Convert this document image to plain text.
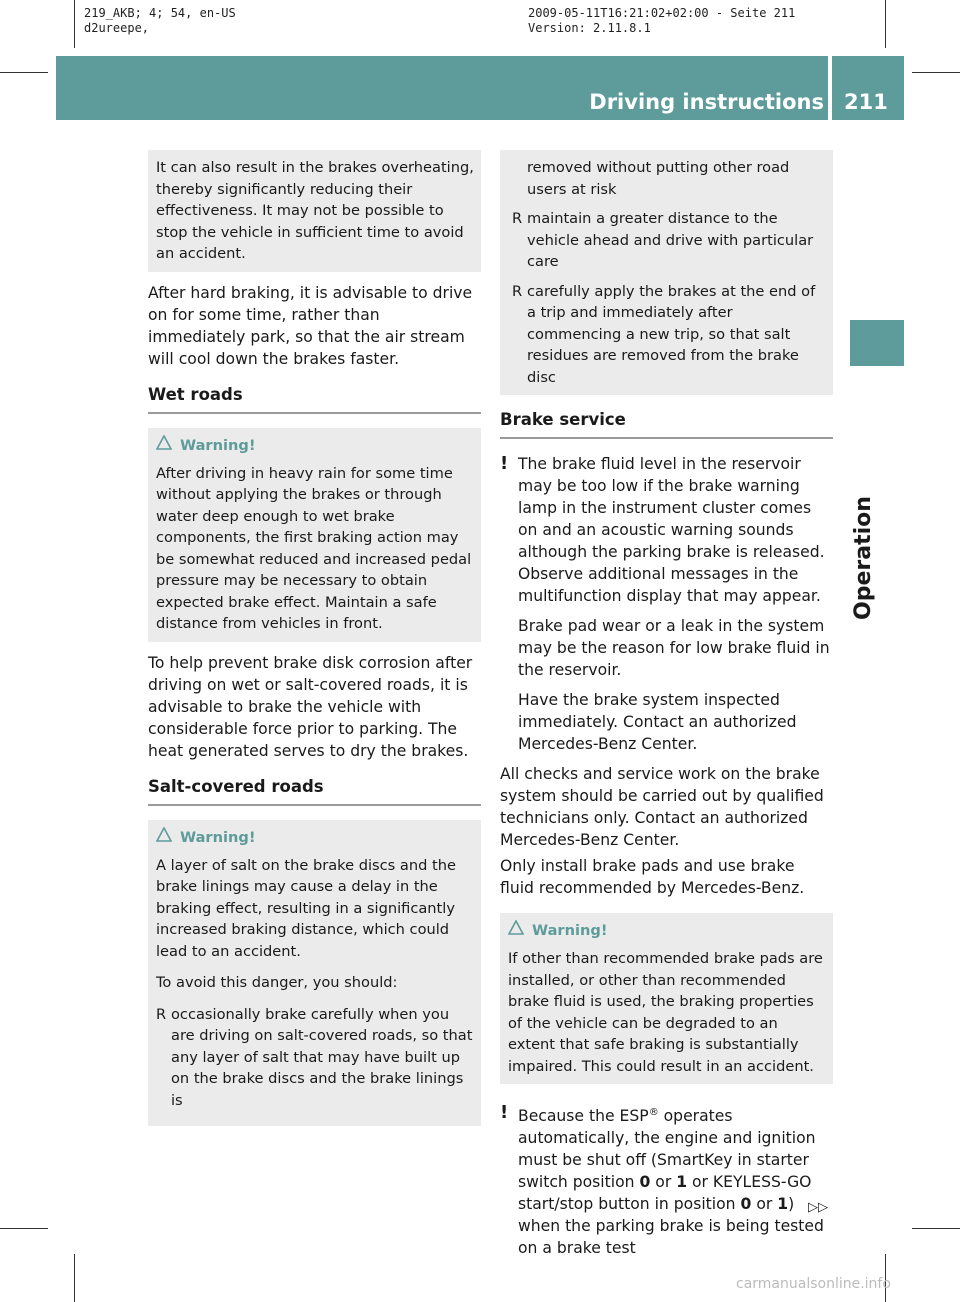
219_AKB; 4; 54, en-US
d2ureepe,
2009-05-11T16:21:02+02:00 - Seite 211
Version: 2.11.8.1
Driving instructions 211
Operation

It can also result in the brakes overheating, thereby significantly reducing their effectiveness. It may not be possible to stop the vehicle in sufficient time to avoid an accident.

After hard braking, it is advisable to drive on for some time, rather than immediately park, so that the air stream will cool down the brakes faster.

Wet roads
Warning!

After driving in heavy rain for some time without applying the brakes or through water deep enough to wet brake components, the first braking action may be somewhat reduced and increased pedal pressure may be necessary to obtain expected brake effect. Maintain a safe distance from vehicles in front.

To help prevent brake disk corrosion after driving on wet or salt-covered roads, it is advisable to brake the vehicle with considerable force prior to parking. The heat generated serves to dry the brakes.

Salt-covered roads
Warning!

A layer of salt on the brake discs and the brake linings may cause a delay in the braking effect, resulting in a significantly increased braking distance, which could lead to an accident.

To avoid this danger, you should:

R occasionally brake carefully when you are driving on salt-covered roads, so that any layer of salt that may have built up on the brake discs and the brake linings is
removed without putting other road users at risk
R maintain a greater distance to the vehicle ahead and drive with particular care
R carefully apply the brakes at the end of a trip and immediately after commencing a new trip, so that salt residues are removed from the brake disc
Brake service
! The brake fluid level in the reservoir may be too low if the brake warning lamp in the instrument cluster comes on and an acoustic warning sounds although the parking brake is released. Observe additional messages in the multifunction display that may appear.

Brake pad wear or a leak in the system may be the reason for low brake fluid in the reservoir.

Have the brake system inspected immediately. Contact an authorized Mercedes-Benz Center.

All checks and service work on the brake system should be carried out by qualified technicians only. Contact an authorized Mercedes-Benz Center.

Only install brake pads and use brake fluid recommended by Mercedes-Benz.

Warning!

If other than recommended brake pads are installed, or other than recommended brake fluid is used, the braking properties of the vehicle can be degraded to an extent that safe braking is substantially impaired. This could result in an accident.

! Because the ESP® operates automatically, the engine and ignition must be shut off (SmartKey in starter switch position 0 or 1 or KEYLESS-GO start/stop button in position 0 or 1) when the parking brake is being tested on a brake test

▷▷
carmanualsonline.info
